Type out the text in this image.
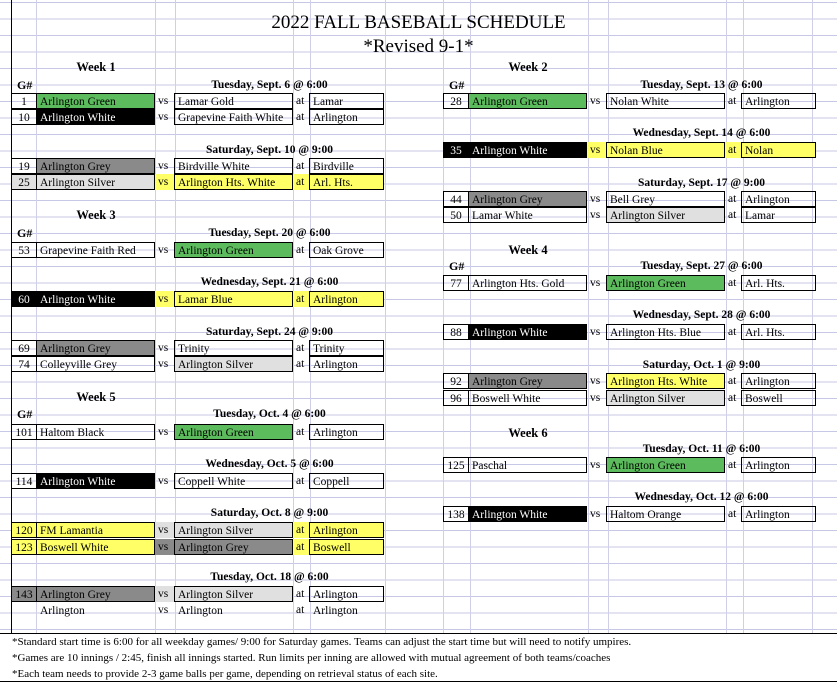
2022 FALL BASEBALL SCHEDULE
*Revised 9-1*
Week 1
G#	Tuesday, Sept. 6 @ 6:00
1	Arlington Green	vs Lamar Gold	at Lamar
10 Arlington White	vs Grapevine Faith White	at Arlington
Saturday, Sept. 10 @ 9:00
19 Arlington Grey	vs Birdville White	at Birdville
25 Arlington Silver	vs Arlington Hts. White	at Arl. Hts.
Week 2
G#	Tuesday, Sept. 13 @ 6:00
28 Arlington Green	vs Nolan White	at Arlington
Wednesday, Sept. 14 @ 6:00
35 Arlington White	vs Nolan Blue	at Nolan
Saturday, Sept. 17 @ 9:00
44 Arlington Grey	vs Bell Grey	at Arlington
50 Lamar White	vs Arlington Silver	at Lamar
Week 3
G#	Tuesday, Sept. 20 @ 6:00
53 Grapevine Faith Red	vs Arlington Green	at Oak Grove
Wednesday, Sept. 21 @ 6:00
60 Arlington White	vs Lamar Blue	at Arlington
Saturday, Sept. 24 @ 9:00
69 Arlington Grey	vs Trinity	at Trinity
74 Colleyville Grey	vs Arlington Silver	at Arlington
Week 4
G#	Tuesday, Sept. 27 @ 6:00
77 Arlington Hts. Gold	vs Arlington Green	at Arl. Hts.
Wednesday, Sept. 28 @ 6:00
88 Arlington White	vs Arlington Hts. Blue	at Arl. Hts.
Saturday, Oct. 1 @ 9:00
92 Arlington Grey	vs Arlington Hts. White	at Arlington
96 Boswell White	vs Arlington Silver	at Boswell
Week 5
G#	Tuesday, Oct. 4 @ 6:00
101 Haltom Black	vs Arlington Green	at Arlington
Wednesday, Oct. 5 @ 6:00
114 Arlington White	vs Coppell White	at Coppell
Saturday, Oct. 8 @ 9:00
120 FM Lamantia	vs Arlington Silver	at Arlington
123 Boswell White	vs Arlington Grey	at Boswell
Tuesday, Oct. 18 @ 6:00
143 Arlington Grey	vs Arlington Silver	at Arlington
Arlington	vs Arlington	at Arlington
Week 6
Tuesday, Oct. 11 @ 6:00
125 Paschal	vs Arlington Green	at Arlington
Wednesday, Oct. 12 @ 6:00
138 Arlington White	vs Haltom Orange	at Arlington
*Standard start time is 6:00 for all weekday games/ 9:00 for Saturday games. Teams can adjust the start time but will need to notify umpires.
*Games are 10 innings / 2:45, finish all innings started. Run limits per inning are allowed with mutual agreement of both teams/coaches
*Each team needs to provide 2-3 game balls per game, depending on retrieval status of each site.
